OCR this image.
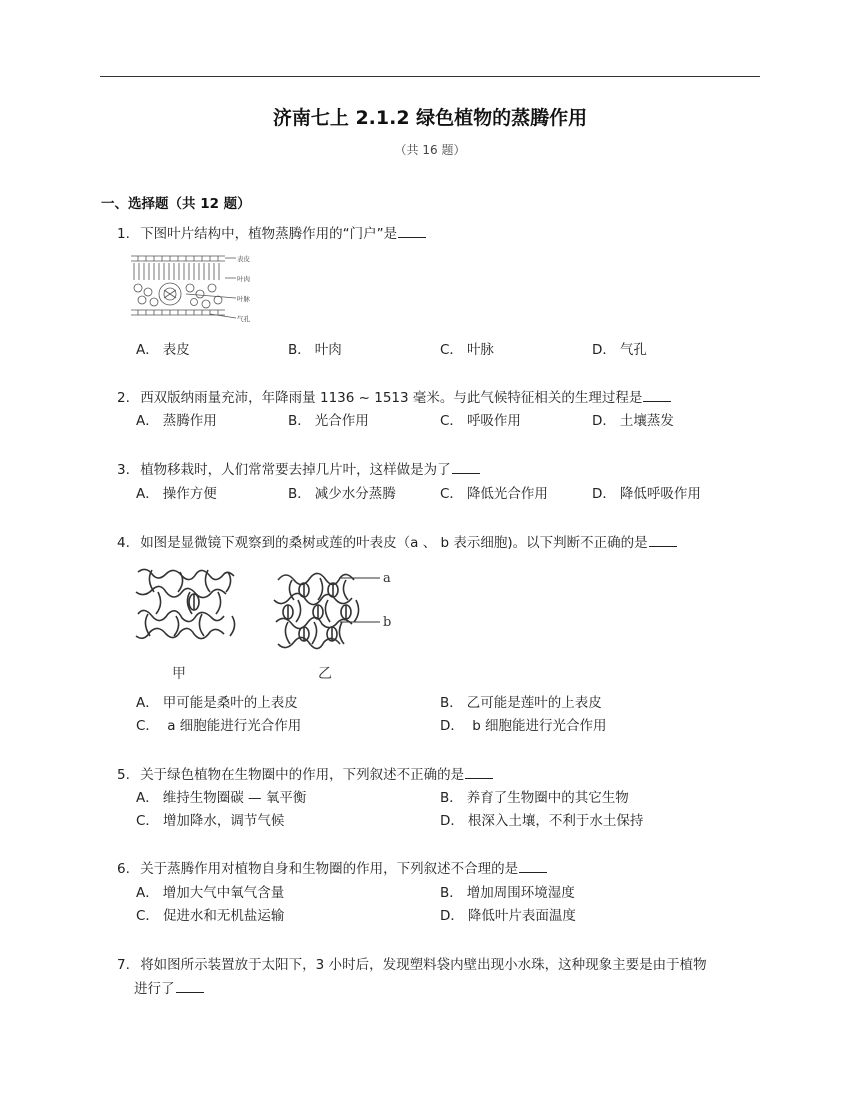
济南七上 2.1.2 绿色植物的蒸腾作用
（共 16 题）
一、选择题（共 12 题）
1. 下图叶片结构中，植物蒸腾作用的“门户”是
表皮
叶肉
叶脉
气孔
A． 表皮	B． 叶肉	C． 叶脉	D． 气孔
2. 西双版纳雨量充沛，年降雨量 1136 ~ 1513 毫米。与此气候特征相关的生理过程是
A． 蒸腾作用	B． 光合作用	C． 呼吸作用	D． 土壤蒸发
3. 植物移栽时，人们常常要去掉几片叶，这样做是为了
A． 操作方便	B． 减少水分蒸腾	C． 降低光合作用	D． 降低呼吸作用
4. 如图是显微镜下观察到的桑树或莲的叶表皮（a 、 b 表示细胞)。以下判断不正确的是
甲	乙
a
b
A． 甲可能是桑叶的上表皮	B． 乙可能是莲叶的上表皮
C． a 细胞能进行光合作用	D． b 细胞能进行光合作用
5. 关于绿色植物在生物圈中的作用，下列叙述不正确的是
A． 维持生物圈碳 — 氧平衡	B． 养育了生物圈中的其它生物
C． 增加降水，调节气候	D． 根深入土壤，不利于水土保持
6. 关于蒸腾作用对植物自身和生物圈的作用，下列叙述不合理的是
A． 增加大气中氧气含量	B． 增加周围环境湿度
C． 促进水和无机盐运输	D． 降低叶片表面温度
7. 将如图所示装置放于太阳下，3 小时后，发现塑料袋内壁出现小水珠，这种现象主要是由于植物
进行了
